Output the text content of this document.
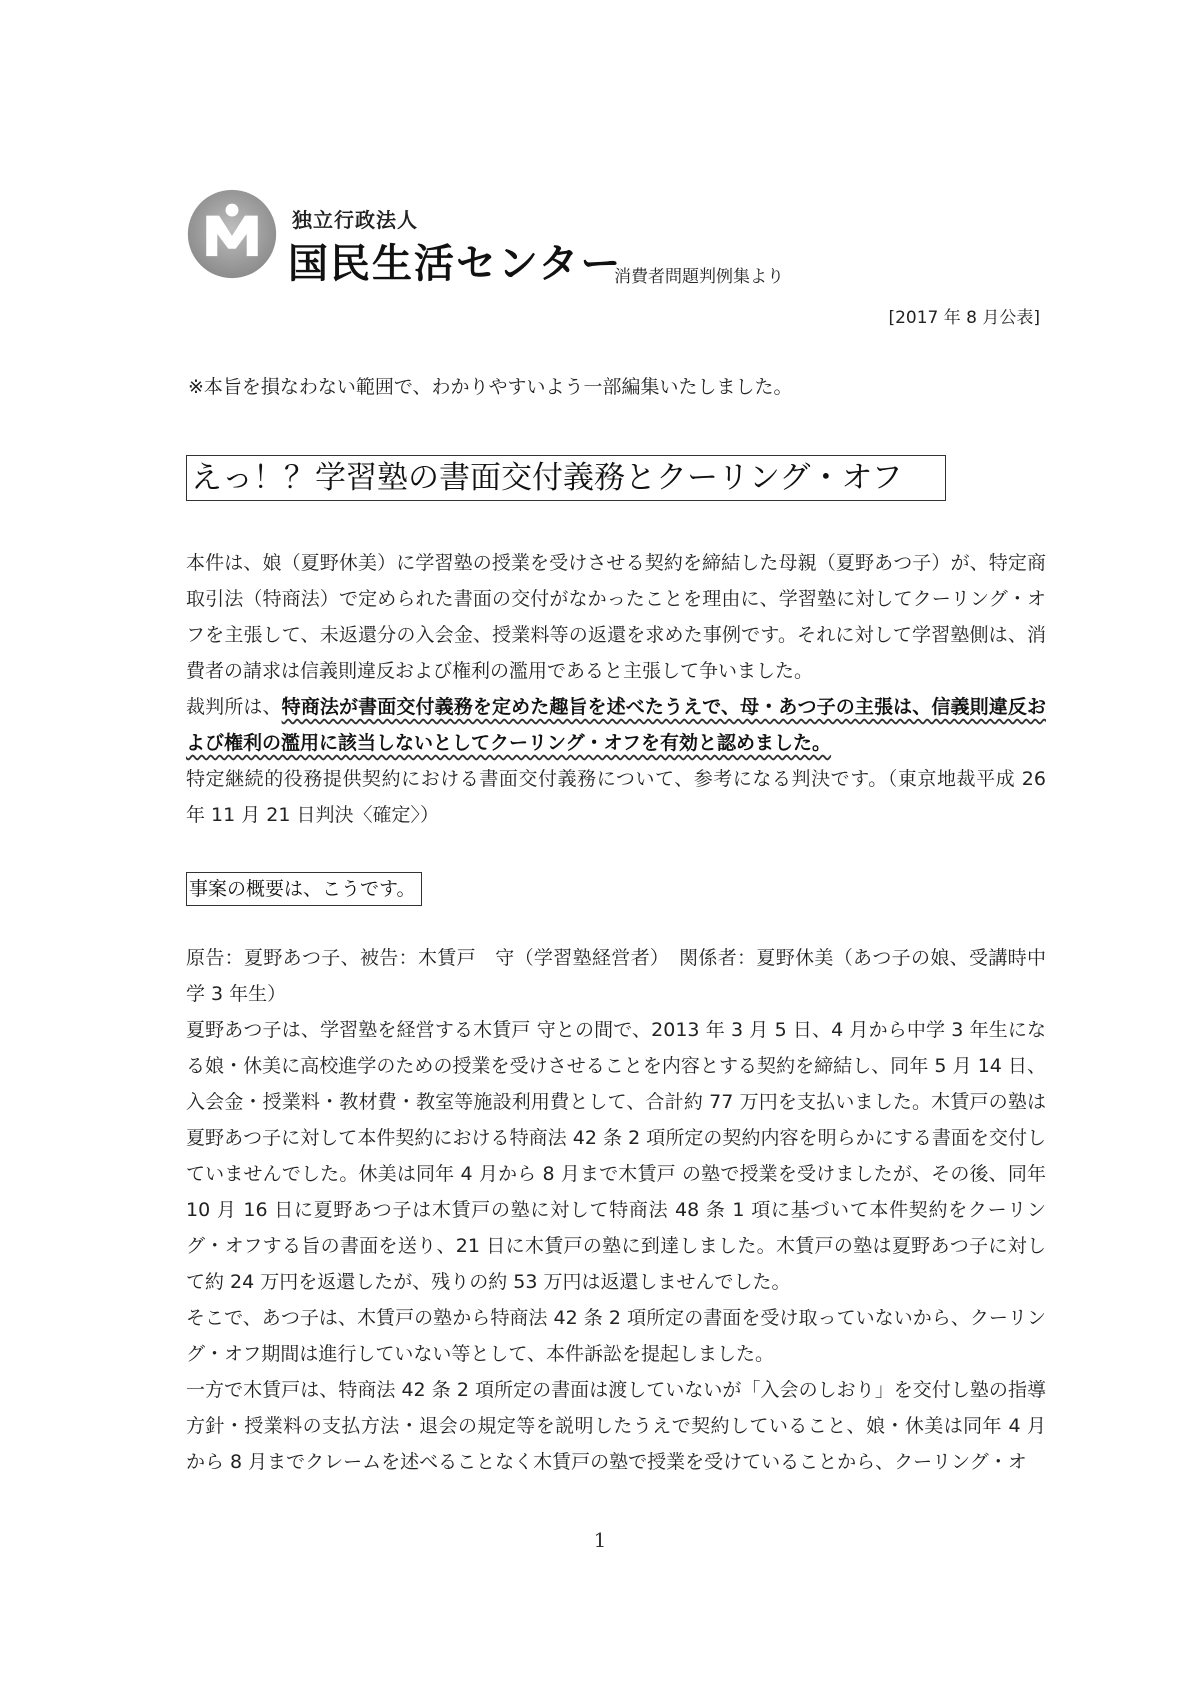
独立行政法人
国民生活センター
消費者問題判例集より
[2017 年 8 月公表]
※本旨を損なわない範囲で、わかりやすいよう一部編集いたしました。
えっ！？学習塾の書面交付義務とクーリング・オフ

本件は、娘（夏野休美）に学習塾の授業を受けさせる契約を締結した母親（夏野あつ子）が、特定商取引法（特商法）で定められた書面の交付がなかったことを理由に、学習塾に対してクーリング・オフを主張して、未返還分の入会金、授業料等の返還を求めた事例です。それに対して学習塾側は、消費者の請求は信義則違反および権利の濫用であると主張して争いました。

裁判所は、特商法が書面交付義務を定めた趣旨を述べたうえで、母・あつ子の主張は、信義則違反および権利の濫用に該当しないとしてクーリング・オフを有効と認めました。

特定継続的役務提供契約における書面交付義務について、参考になる判決です。（東京地裁平成 26 年 11 月 21 日判決〈確定〉）

事案の概要は、こうです。

原告：夏野あつ子、被告：木賃戸　守（学習塾経営者）　関係者：夏野休美（あつ子の娘、受講時中学 3 年生）

夏野あつ子は、学習塾を経営する木賃戸 守との間で、2013 年 3 月 5 日、4 月から中学 3 年生になる娘・休美に高校進学のための授業を受けさせることを内容とする契約を締結し、同年 5 月 14 日、入会金・授業料・教材費・教室等施設利用費として、合計約 77 万円を支払いました。木賃戸の塾は夏野あつ子に対して本件契約における特商法 42 条 2 項所定の契約内容を明らかにする書面を交付していませんでした。休美は同年 4 月から 8 月まで木賃戸 の塾で授業を受けましたが、その後、同年 10 月 16 日に夏野あつ子は木賃戸の塾に対して特商法 48 条 1 項に基づいて本件契約をクーリング・オフする旨の書面を送り、21 日に木賃戸の塾に到達しました。木賃戸の塾は夏野あつ子に対して約 24 万円を返還したが、残りの約 53 万円は返還しませんでした。

そこで、あつ子は、木賃戸の塾から特商法 42 条 2 項所定の書面を受け取っていないから、クーリング・オフ期間は進行していない等として、本件訴訟を提起しました。

一方で木賃戸は、特商法 42 条 2 項所定の書面は渡していないが「入会のしおり」を交付し塾の指導方針・授業料の支払方法・退会の規定等を説明したうえで契約していること、娘・休美は同年 4 月から 8 月までクレームを述べることなく木賃戸の塾で授業を受けていることから、クーリング・オ

1
